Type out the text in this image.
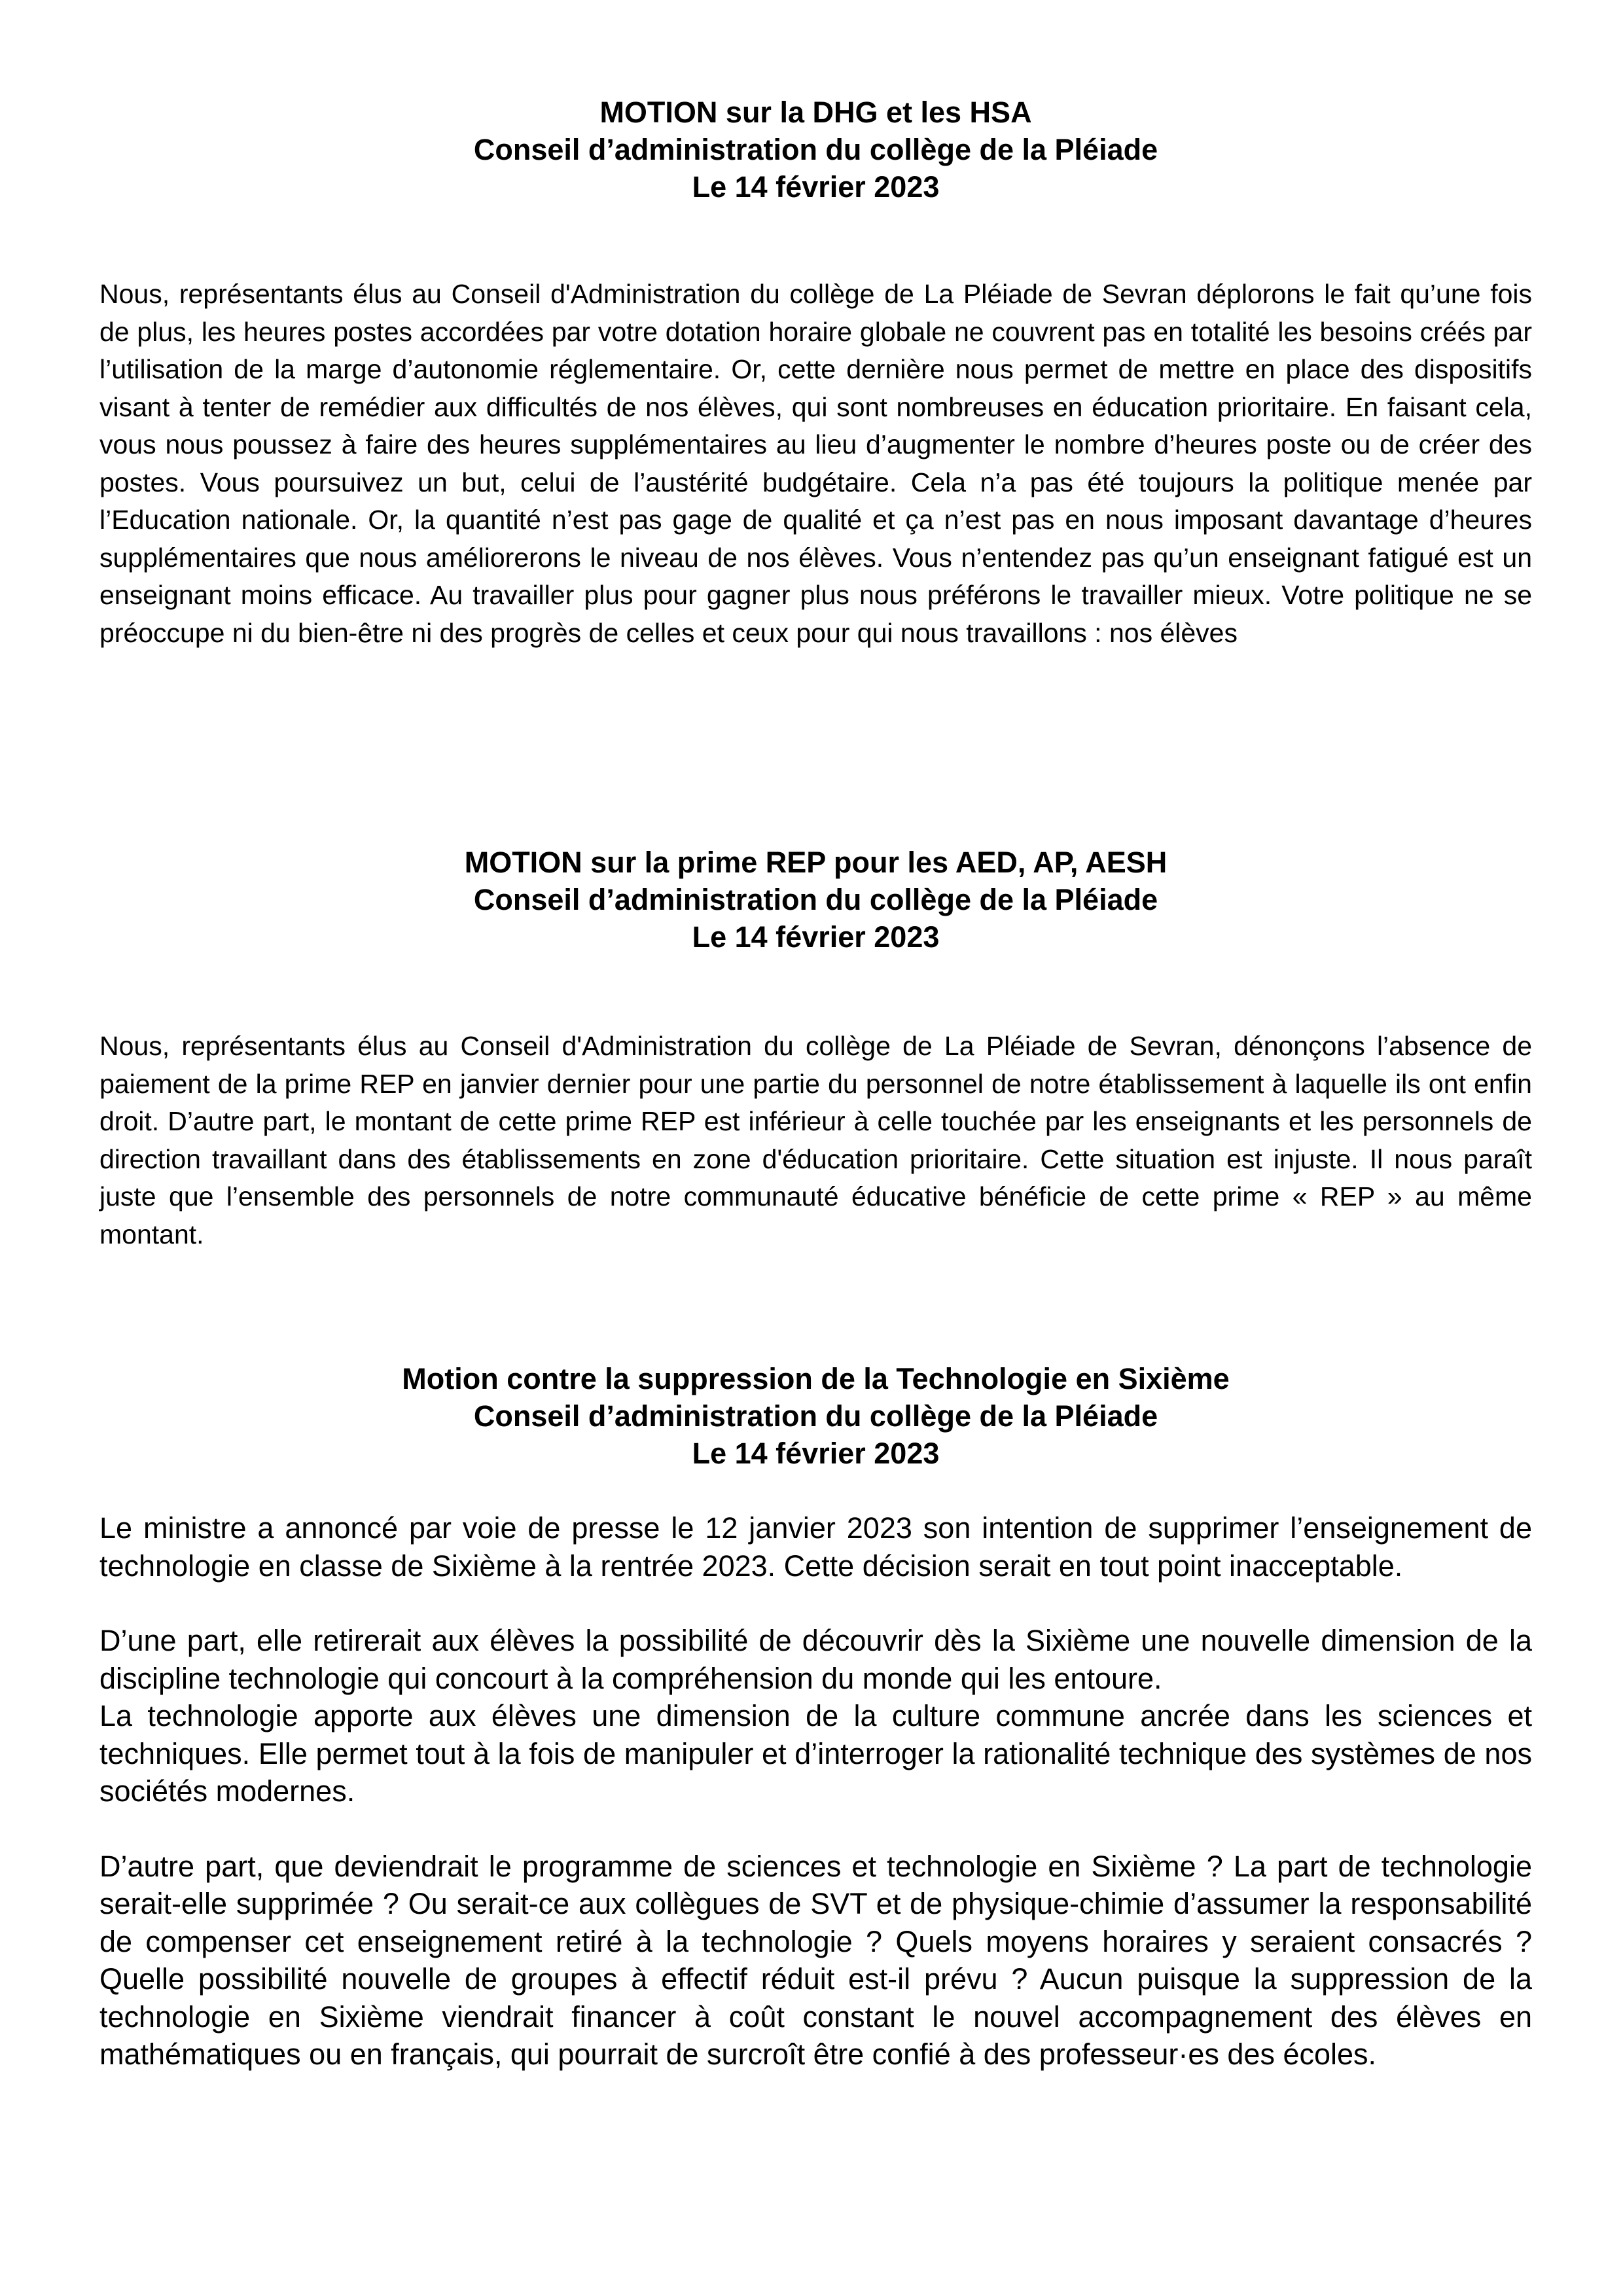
MOTION sur la DHG et les HSA
Conseil d’administration du collège de la Pléiade
Le 14 février 2023

Nous, représentants élus au Conseil d'Administration du collège de La Pléiade de Sevran déplorons le fait qu’une fois de plus, les heures postes accordées par votre dotation horaire globale ne couvrent pas en totalité les besoins créés par l’utilisation de la marge d’autonomie réglementaire. Or, cette dernière nous permet de mettre en place des dispositifs visant à tenter de remédier aux difficultés de nos élèves, qui sont nombreuses en éducation prioritaire. En faisant cela, vous nous poussez à faire des heures supplémentaires au lieu d’augmenter le nombre d’heures poste ou de créer des postes. Vous poursuivez un but, celui de l’austérité budgétaire. Cela n’a pas été toujours la politique menée par l’Education nationale. Or, la quantité n’est pas gage de qualité et ça n’est pas en nous imposant davantage d’heures supplémentaires que nous améliorerons le niveau de nos élèves. Vous n’entendez pas qu’un enseignant fatigué est un enseignant moins efficace. Au travailler plus pour gagner plus nous préférons le travailler mieux. Votre politique ne se préoccupe ni du bien-être ni des progrès de celles et ceux pour qui nous travaillons : nos élèves

MOTION sur la prime REP pour les AED, AP, AESH
Conseil d’administration du collège de la Pléiade
Le 14 février 2023

Nous, représentants élus au Conseil d'Administration du collège de La Pléiade de Sevran, dénonçons l’absence de paiement de la prime REP en janvier dernier pour une partie du personnel de notre établissement à laquelle ils ont enfin droit. D’autre part, le montant de cette prime REP est inférieur à celle touchée par les enseignants et les personnels de direction travaillant dans des établissements en zone d'éducation prioritaire. Cette situation est injuste. Il nous paraît juste que l’ensemble des personnels de notre communauté éducative bénéficie de cette prime « REP » au même montant.

Motion contre la suppression de la Technologie en Sixième
Conseil d’administration du collège de la Pléiade
Le 14 février 2023

Le ministre a annoncé par voie de presse le 12 janvier 2023 son intention de supprimer l’enseignement de technologie en classe de Sixième à la rentrée 2023. Cette décision serait en tout point inacceptable.

D’une part, elle retirerait aux élèves la possibilité de découvrir dès la Sixième une nouvelle dimension de la discipline technologie qui concourt à la compréhension du monde qui les entoure.

La technologie apporte aux élèves une dimension de la culture commune ancrée dans les sciences et techniques. Elle permet tout à la fois de manipuler et d’interroger la rationalité technique des systèmes de nos sociétés modernes.

D’autre part, que deviendrait le programme de sciences et technologie en Sixième ? La part de technologie serait-elle supprimée ? Ou serait-ce aux collègues de SVT et de physique-chimie d’assumer la responsabilité de compenser cet enseignement retiré à la technologie ? Quels moyens horaires y seraient consacrés ? Quelle possibilité nouvelle de groupes à effectif réduit est-il prévu ? Aucun puisque la suppression de la technologie en Sixième viendrait financer à coût constant le nouvel accompagnement des élèves en mathématiques ou en français, qui pourrait de surcroît être confié à des professeur·es des écoles.
